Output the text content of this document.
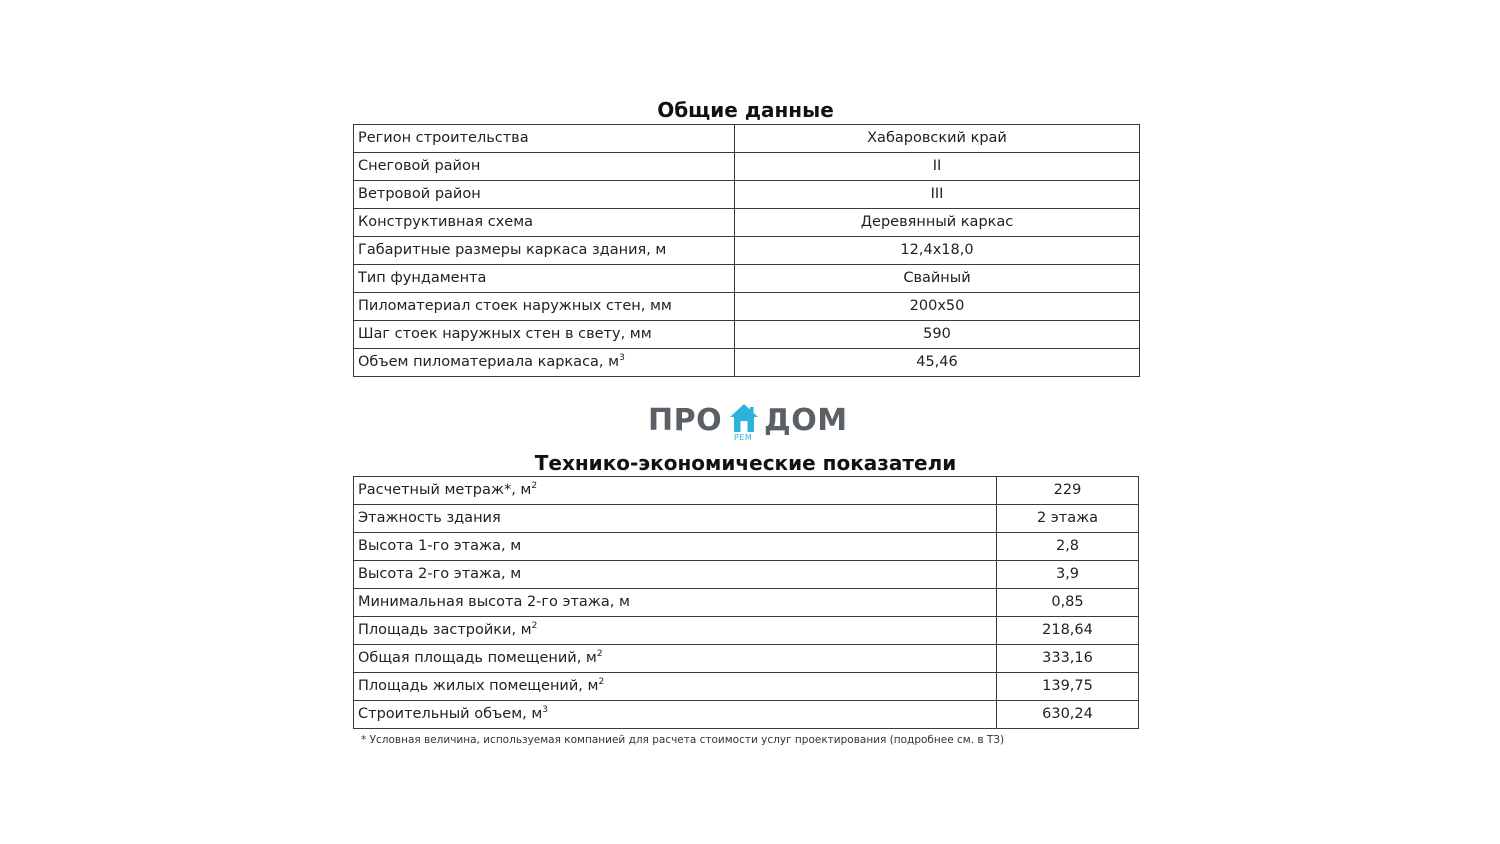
Общие данные
Регион строительства	Хабаровский край
Снеговой район	II
Ветровой район	III
Конструктивная схема	Деревянный каркас
Габаритные размеры каркаса здания, м	12,4х18,0
Тип фундамента	Свайный
Пиломатериал стоек наружных стен, мм	200х50
Шаг стоек наружных стен в свету, мм	590
Объем пиломатериала каркаса, $м^3$	45,46
ПРО РЕМ ДОМ
Технико-экономические показатели
Расчетный метраж*, $м^2$	229
Этажность здания	2 этажа
Высота 1-го этажа, м	2,8
Высота 2-го этажа, м	3,9
Минимальная высота 2-го этажа, м	0,85
Площадь застройки, $м^2$	218,64
Общая площадь помещений, $м^2$	333,16
Площадь жилых помещений, $м^2$	139,75
Строительный объем, $м^3$	630,24
* Условная величина, используемая компанией для расчета стоимости услуг проектирования (подробнее см. в ТЗ)
